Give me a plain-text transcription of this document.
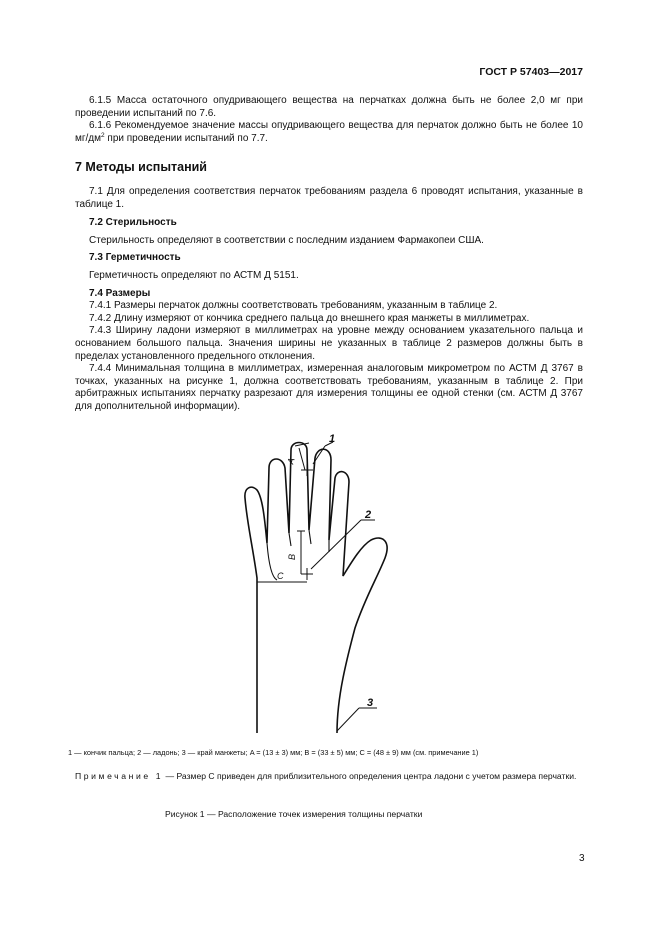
ГОСТ Р 57403—2017

6.1.5 Масса остаточного опудривающего вещества на перчатках должна быть не более 2,0 мг при проведении испытаний по 7.6.

6.1.6 Рекомендуемое значение массы опудривающего вещества для перчаток должно быть не более 10 $мг/дм^2$ при проведении испытаний по 7.7.

7 Методы испытаний

7.1 Для определения соответствия перчаток требованиям раздела 6 проводят испытания, указанные в таблице 1.

7.2 Стерильность

Стерильность определяют в соответствии с последним изданием Фармакопеи США.

7.3 Герметичность

Герметичность определяют по АСТМ Д 5151.

7.4 Размеры

7.4.1 Размеры перчаток должны соответствовать требованиям, указанным в таблице 2.

7.4.2 Длину измеряют от кончика среднего пальца до внешнего края манжеты в миллиметрах.

7.4.3 Ширину ладони измеряют в миллиметрах на уровне между основанием указательного пальца и основанием большого пальца. Значения ширины не указанных в таблице 2 размеров должны быть в пределах установленного предельного отклонения.

7.4.4 Минимальная толщина в миллиметрах, измеренная аналоговым микрометром по АСТМ Д 3767 в точках, указанных на рисунке 1, должна соответствовать требованиям, указанным в таблице 2. При арбитражных испытаниях перчатку разрезают для измерения толщины ее одной стенки (см. АСТМ Д 3767 для дополнительной информации).

1
2
3
A
B
C
1 — кончик пальца; 2 — ладонь; 3 — край манжеты; A = (13 ± 3) мм; B = (33 ± 5) мм; C = (48 ± 9) мм (см. примечание 1)
Примечание 1 — Размер C приведен для приблизительного определения центра ладони с учетом размера перчатки.
Рисунок 1 — Расположение точек измерения толщины перчатки
3
